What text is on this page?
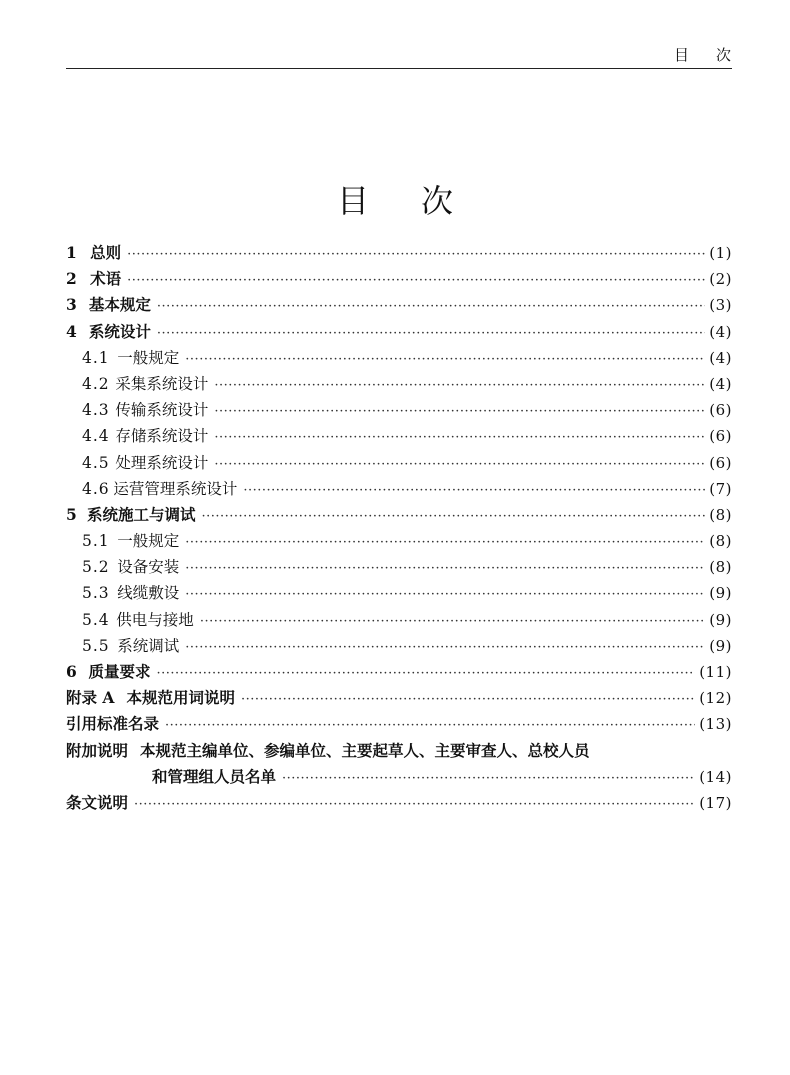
目 次
目 次
1 总则 ·····	(1)
2 术语 ·····	(2)
3 基本规定 ·····	(3)
4 系统设计 ·····	(4)
4.1 一般规定 ·····	(4)
4.2 采集系统设计 ·····	(4)
4.3 传输系统设计 ·····	(6)
4.4 存储系统设计 ·····	(6)
4.5 处理系统设计 ·····	(6)
4.6 运营管理系统设计 ·····	(7)
5 系统施工与调试 ·····	(8)
5.1 一般规定 ·····	(8)
5.2 设备安装 ·····	(8)
5.3 线缆敷设 ·····	(9)
5.4 供电与接地 ·····	(9)
5.5 系统调试 ·····	(9)
6 质量要求 ·····	(11)
附录 A 本规范用词说明 ·····	(12)
引用标准名录 ·····	(13)
附加说明 本规范主编单位、参编单位、主要起草人、主要审查人、总校人员
和管理组人员名单 ·····	(14)
条文说明 ·····	(17)
